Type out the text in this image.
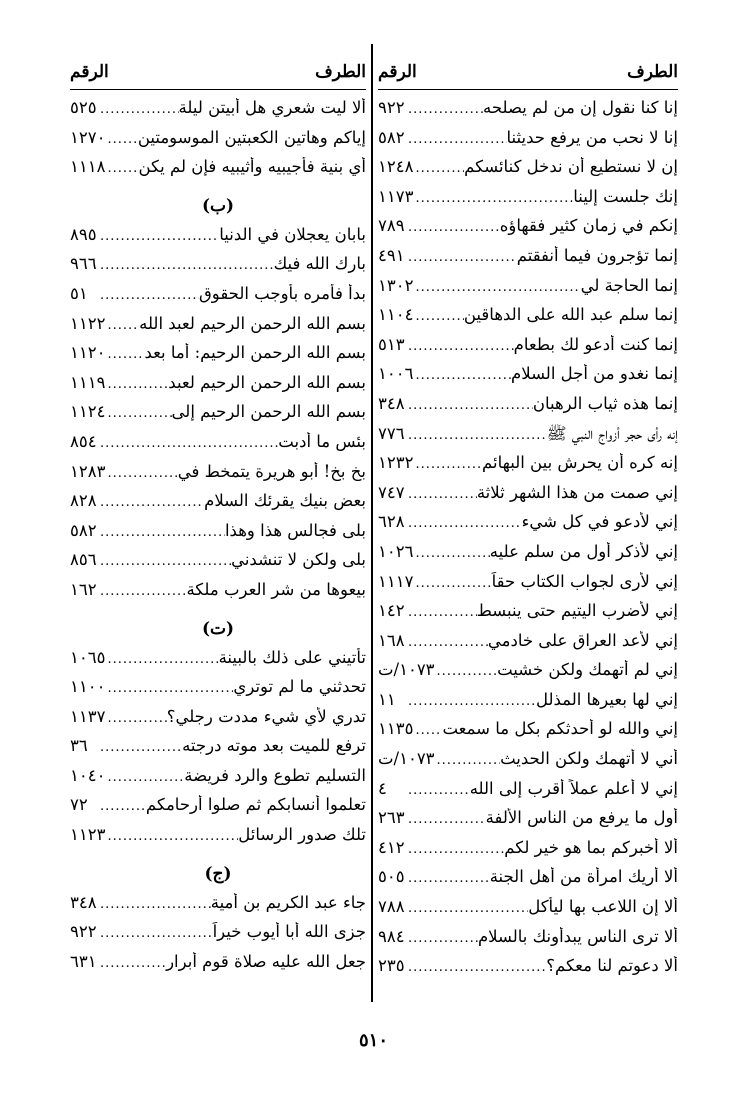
الطرف
الرقم
إنا كنا نقول إن من لم يصلحه
.....
٩٢٢
إنا لا نحب من يرفع حديثنا
.....
٥٨٢
إن لا نستطيع أن ندخل كنائسكم
.....
١٢٤٨
إنك جلست إلينا
.....
١١٧٣
إنكم في زمان كثير فقهاؤه
.....
٧٨٩
إنما تؤجرون فيما أنفقتم
.....
٤٩١
إنما الحاجة لي
.....
١٣٠٢
إنما سلم عبد الله على الدهاقين
.....
١١٠٤
إنما كنت أدعو لك بطعام
.....
٥١٣
إنما نغدو من أجل السلام
.....
١٠٠٦
إنما هذه ثياب الرهبان
.....
٣٤٨
إنه رأى حجر أزواج النبي ﷺ
.....
٧٧٦
إنه كره أن يحرش بين البهائم
.....
١٢٣٢
إني صمت من هذا الشهر ثلاثة
.....
٧٤٧
إني لأدعو في كل شيء
.....
٦٢٨
إني لأذكر أول من سلم عليه
.....
١٠٢٦
إني لأرى لجواب الكتاب حقاً
.....
١١١٧
إني لأضرب اليتيم حتى ينبسط
.....
١٤٢
إني لأعد العراق على خادمي
.....
١٦٨
إني لم أتهمك ولكن خشيت
.....
١٠٧٣/ت
إني لها بعيرها المذلل
.....
١١
إني والله لو أحدثكم بكل ما سمعت
.....
١١٣٥
أني لا أتهمك ولكن الحديث
.....
١٠٧٣/ت
إني لا أعلم عملاً أقرب إلى الله
.....
٤
أول ما يرفع من الناس الألفة
.....
٢٦٣
ألا أخبركم بما هو خير لكم
.....
٤١٢
ألا أريك امرأة من أهل الجنة
.....
٥٠٥
ألا إن اللاعب بها ليأكل
.....
٧٨٨
ألا ترى الناس يبدأونك بالسلام
.....
٩٨٤
ألا دعوتم لنا معكم؟
.....
٢٣٥
الطرف
الرقم
ألا ليت شعري هل أبيتن ليلة
.....
٥٢٥
إياكم وهاتين الكعبتين الموسومتين
.....
١٢٧٠
أي بنية فأجيبيه وأثيبيه فإن لم يكن
.....
١١١٨
(ب)
بابان يعجلان في الدنيا
.....
٨٩٥
بارك الله فيك
.....
٩٦٦
بدأ فأمره بأوجب الحقوق
.....
٥١
بسم الله الرحمن الرحيم لعبد الله
.....
١١٢٢
بسم الله الرحمن الرحيم: أما بعد
.....
١١٢٠
بسم الله الرحمن الرحيم لعبد
.....
١١١٩
بسم الله الرحمن الرحيم إلى
.....
١١٢٤
بئس ما أدبت
.....
٨٥٤
بخ بخ! أبو هريرة يتمخط في
.....
١٢٨٣
بعض بنيك يقرئك السلام
.....
٨٢٨
بلى فجالس هذا وهذا
.....
٥٨٢
بلى ولكن لا تنشدني
.....
٨٥٦
بيعوها من شر العرب ملكة
.....
١٦٢
(ت)
تأتيني على ذلك بالبينة
.....
١٠٦٥
تحدثني ما لم توتري
.....
١١٠٠
تدري لأي شيء مددت رجلي؟
.....
١١٣٧
ترفع للميت بعد موته درجته
.....
٣٦
التسليم تطوع والرد فريضة
.....
١٠٤٠
تعلموا أنسابكم ثم صلوا أرحامكم
.....
٧٢
تلك صدور الرسائل
.....
١١٢٣
(ج)
جاء عبد الكريم بن أمية
.....
٣٤٨
جزى الله أبا أيوب خيراً
.....
٩٢٢
جعل الله عليه صلاة قوم أبرار
.....
٦٣١
٥١٠
